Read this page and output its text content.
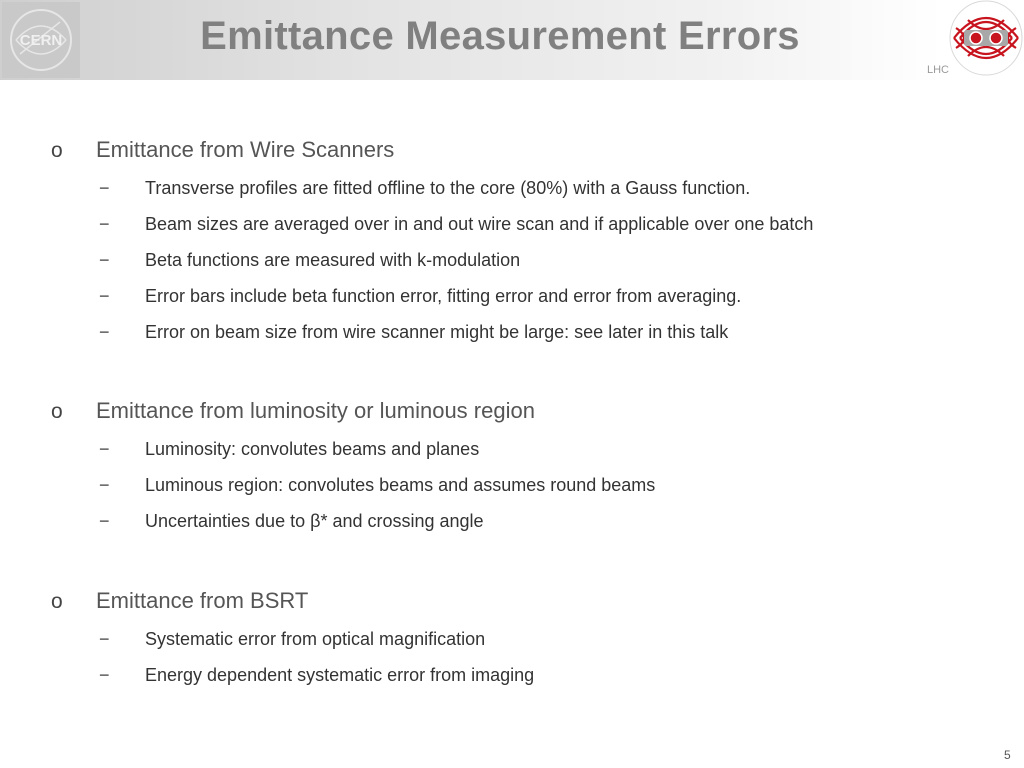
CERN	Emittance Measurement Errors
LHC
o Emittance from Wire Scanners
− Transverse profiles are fitted offline to the core (80%) with a Gauss function.
− Beam sizes are averaged over in and out wire scan and if applicable over one batch
− Beta functions are measured with k-modulation
− Error bars include beta function error, fitting error and error from averaging.
− Error on beam size from wire scanner might be large: see later in this talk
o Emittance from luminosity or luminous region
− Luminosity: convolutes beams and planes
− Luminous region: convolutes beams and assumes round beams
− Uncertainties due to β* and crossing angle
o Emittance from BSRT
− Systematic error from optical magnification
− Energy dependent systematic error from imaging
5
